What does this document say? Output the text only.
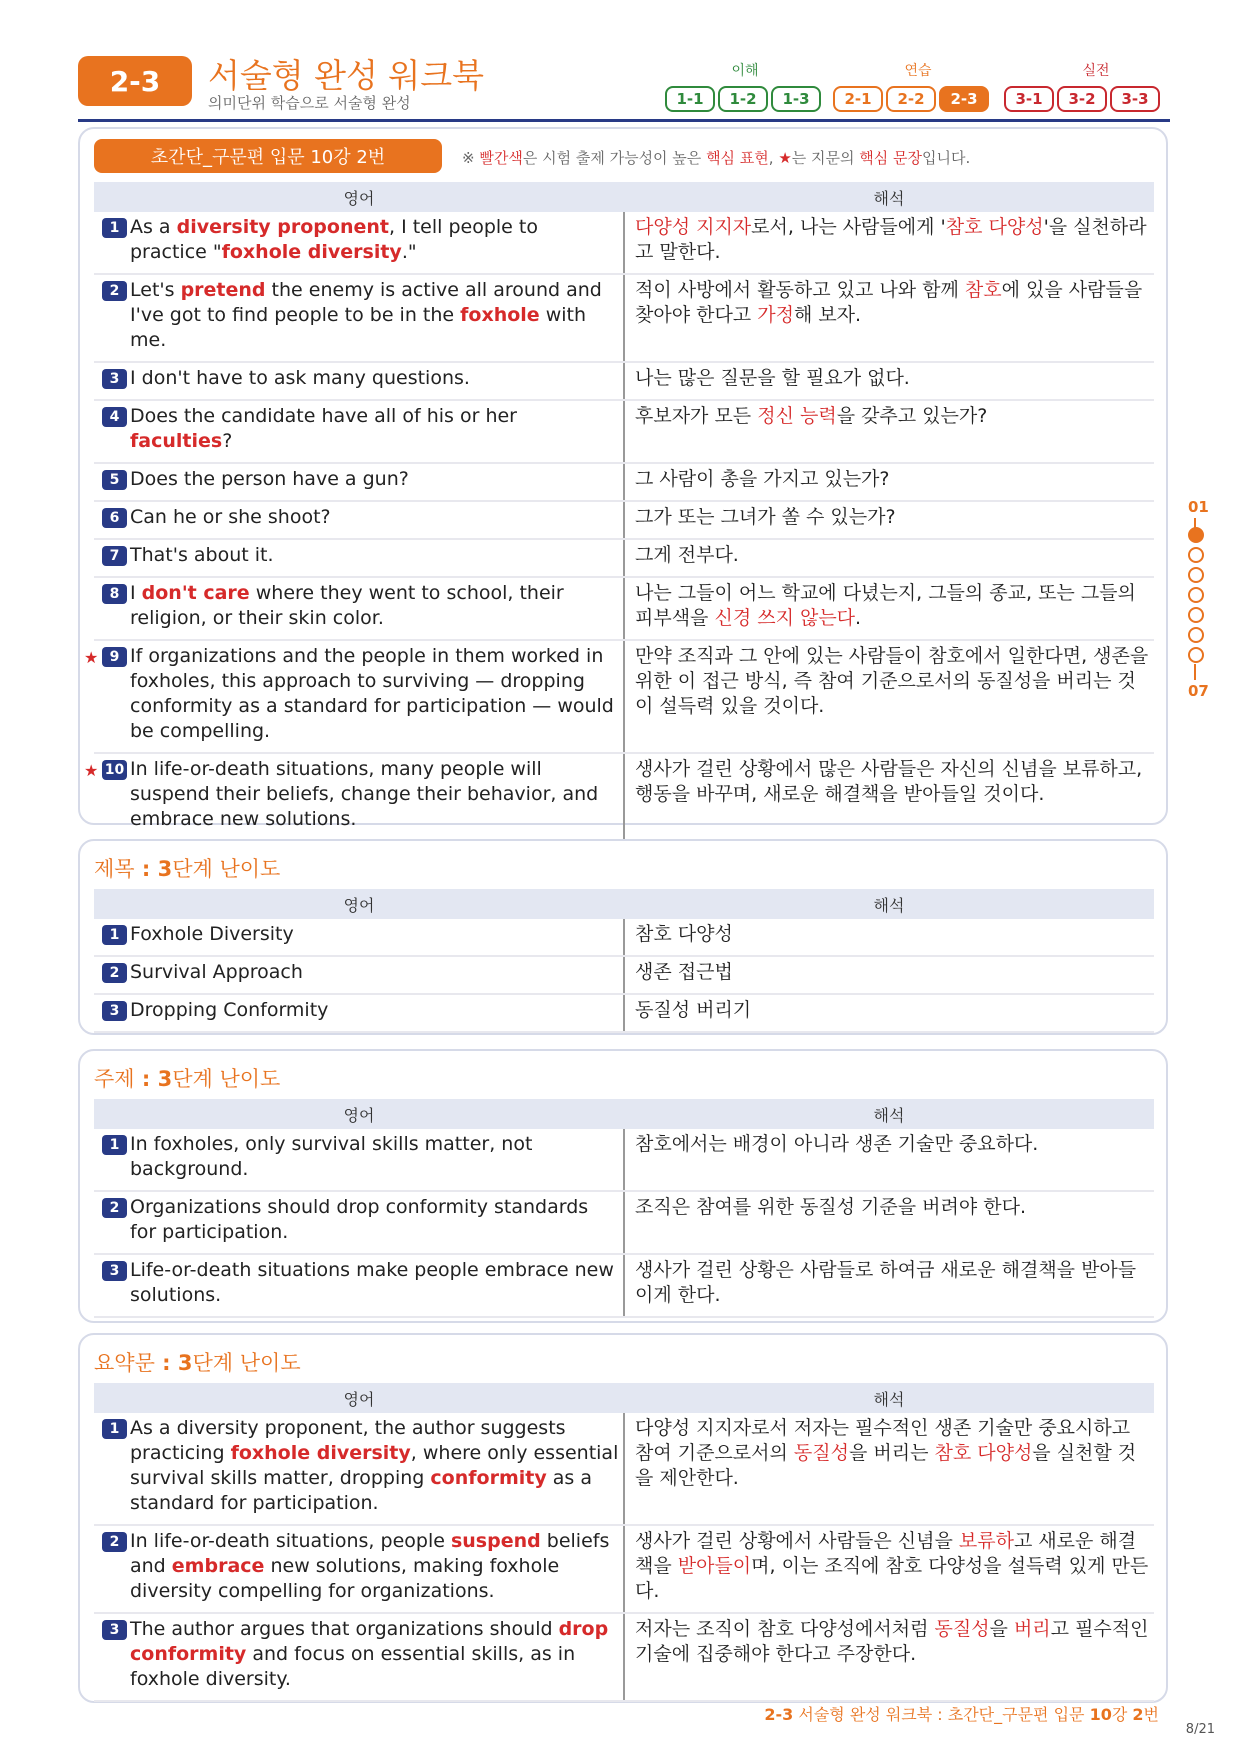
2-3	서술형 완성 워크북
의미단위 학습으로 서술형 완성
이해	연습	실전
1-1	1-2	1-3	2-1	2-2	2-3	3-1	3-2	3-3
초간단_구문편 입문 10강 2번	※ 빨간색은 시험 출제 가능성이 높은 핵심 표현, ★는 지문의 핵심 문장입니다.
영어	해석

1 As a diversity proponent, I tell people to practice "foxhole diversity."	다양성 지지자로서, 나는 사람들에게 '참호 다양성'을 실천하라고 말한다.

2 Let's pretend the enemy is active all around and I've got to find people to be in the foxhole with me.	적이 사방에서 활동하고 있고 나와 함께 참호에 있을 사람들을 찾아야 한다고 가정해 보자.

3 I don't have to ask many questions.	나는 많은 질문을 할 필요가 없다.

4 Does the candidate have all of his or her faculties?	후보자가 모든 정신 능력을 갖추고 있는가?

5 Does the person have a gun?	그 사람이 총을 가지고 있는가?

6 Can he or she shoot?	그가 또는 그녀가 쏠 수 있는가?

7 That's about it.	그게 전부다.

8 I don't care where they went to school, their religion, or their skin color.	나는 그들이 어느 학교에 다녔는지, 그들의 종교, 또는 그들의 피부색을 신경 쓰지 않는다.

★ 9 If organizations and the people in them worked in foxholes, this approach to surviving — dropping conformity as a standard for participation — would be compelling.	만약 조직과 그 안에 있는 사람들이 참호에서 일한다면, 생존을 위한 이 접근 방식, 즉 참여 기준으로서의 동질성을 버리는 것이 설득력 있을 것이다.

★ 10 In life-or-death situations, many people will suspend their beliefs, change their behavior, and embrace new solutions.	생사가 걸린 상황에서 많은 사람들은 자신의 신념을 보류하고, 행동을 바꾸며, 새로운 해결책을 받아들일 것이다.
제목 : 3단계 난이도
영어	해석

1 Foxhole Diversity	참호 다양성

2 Survival Approach	생존 접근법

3 Dropping Conformity	동질성 버리기
주제 : 3단계 난이도
영어	해석

1 In foxholes, only survival skills matter, not background.	참호에서는 배경이 아니라 생존 기술만 중요하다.

2 Organizations should drop conformity standards for participation.	조직은 참여를 위한 동질성 기준을 버려야 한다.

3 Life-or-death situations make people embrace new solutions.	생사가 걸린 상황은 사람들로 하여금 새로운 해결책을 받아들이게 한다.
요약문 : 3단계 난이도
영어	해석

1 As a diversity proponent, the author suggests practicing foxhole diversity, where only essential survival skills matter, dropping conformity as a standard for participation.	다양성 지지자로서 저자는 필수적인 생존 기술만 중요시하고 참여 기준으로서의 동질성을 버리는 참호 다양성을 실천할 것을 제안한다.

2 In life-or-death situations, people suspend beliefs and embrace new solutions, making foxhole diversity compelling for organizations.	생사가 걸린 상황에서 사람들은 신념을 보류하고 새로운 해결책을 받아들이며, 이는 조직에 참호 다양성을 설득력 있게 만든다.

3 The author argues that organizations should drop conformity and focus on essential skills, as in foxhole diversity.	저자는 조직이 참호 다양성에서처럼 동질성을 버리고 필수적인 기술에 집중해야 한다고 주장한다.
01
07
2-3 서술형 완성 워크북 : 초간단_구문편 입문 10강 2번
8/21
